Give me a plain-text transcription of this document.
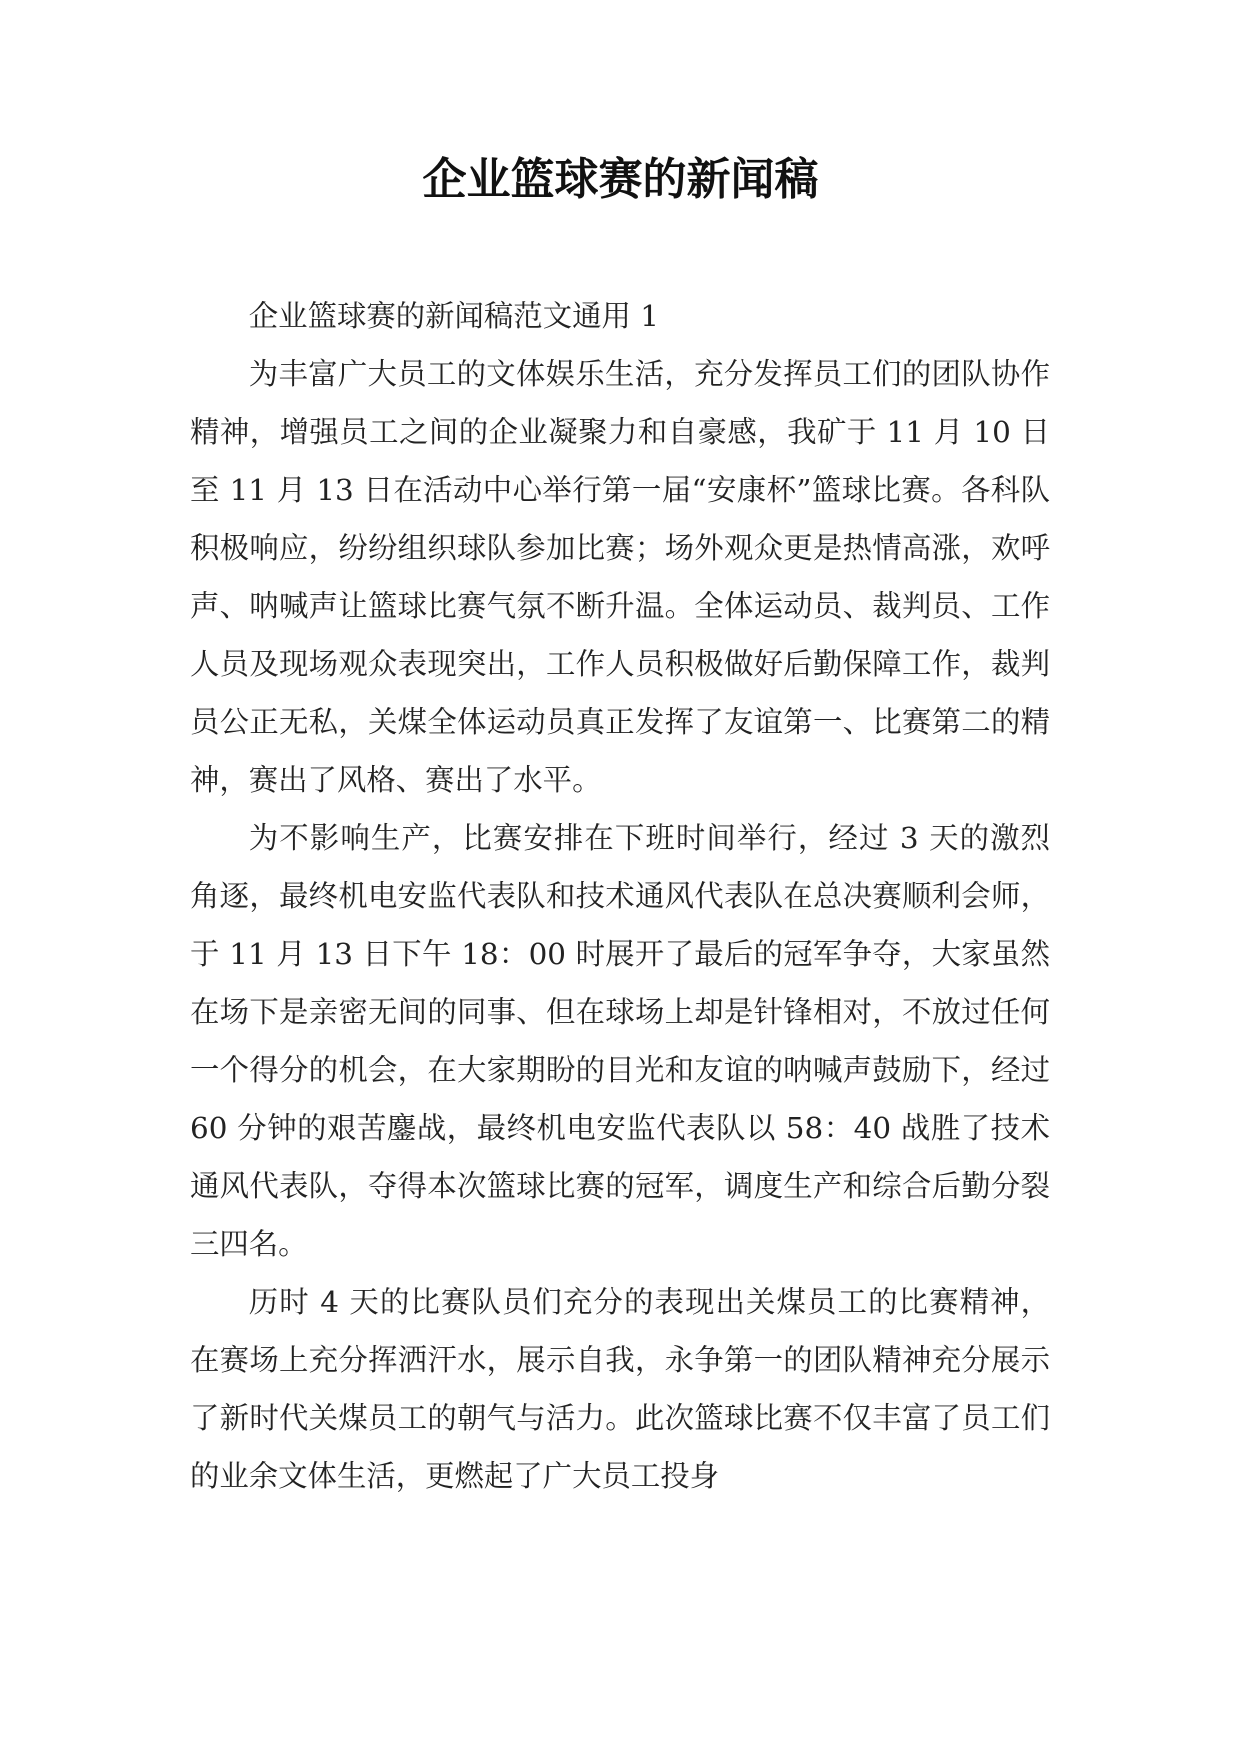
企业篮球赛的新闻稿

企业篮球赛的新闻稿范文通用 1

为丰富广大员工的文体娱乐生活，充分发挥员工们的团队协作精神，增强员工之间的企业凝聚力和自豪感，我矿于 11 月 10 日至 11 月 13 日在活动中心举行第一届“安康杯”篮球比赛。各科队积极响应，纷纷组织球队参加比赛；场外观众更是热情高涨，欢呼声、呐喊声让篮球比赛气氛不断升温。全体运动员、裁判员、工作人员及现场观众表现突出，工作人员积极做好后勤保障工作，裁判员公正无私，关煤全体运动员真正发挥了友谊第一、比赛第二的精神，赛出了风格、赛出了水平。

为不影响生产，比赛安排在下班时间举行，经过 3 天的激烈角逐，最终机电安监代表队和技术通风代表队在总决赛顺利会师，于 11 月 13 日下午 18：00 时展开了最后的冠军争夺，大家虽然在场下是亲密无间的同事、但在球场上却是针锋相对，不放过任何一个得分的机会，在大家期盼的目光和友谊的呐喊声鼓励下，经过 60 分钟的艰苦鏖战，最终机电安监代表队以 58：40 战胜了技术通风代表队，夺得本次篮球比赛的冠军，调度生产和综合后勤分裂三四名。

历时 4 天的比赛队员们充分的表现出关煤员工的比赛精神，在赛场上充分挥洒汗水，展示自我，永争第一的团队精神充分展示了新时代关煤员工的朝气与活力。此次篮球比赛不仅丰富了员工们的业余文体生活，更燃起了广大员工投身
